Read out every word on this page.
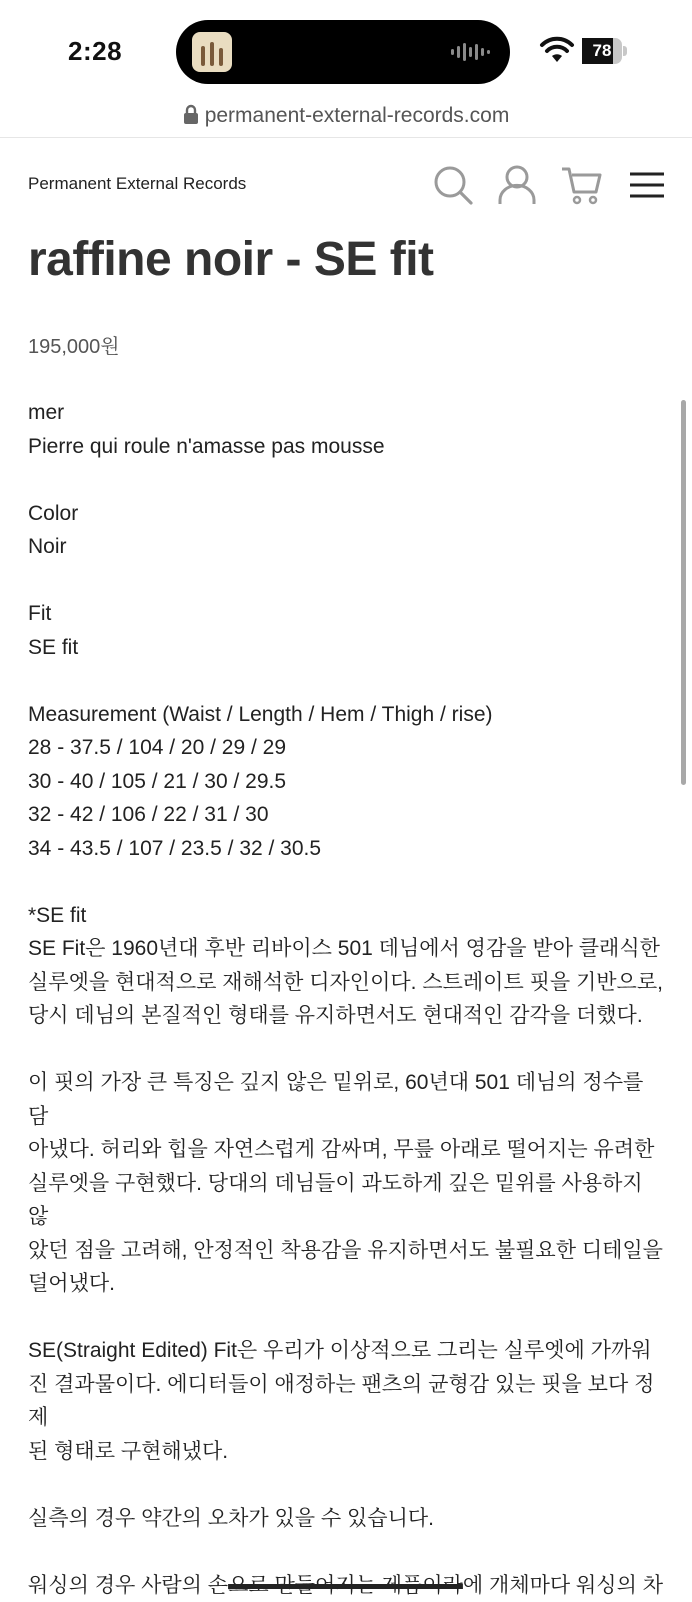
2:28	78
permanent-external-records.com
Permanent External Records
raffine noir - SE fit
195,000원

mer

Pierre qui roule n'amasse pas mousse

Color

Noir

Fit

SE fit

Measurement (Waist / Length / Hem / Thigh / rise)

28 - 37.5 / 104 / 20 / 29 / 29

30 - 40 / 105 / 21 / 30 / 29.5

32 - 42 / 106 / 22 / 31 / 30

34 - 43.5 / 107 / 23.5 / 32 / 30.5

*SE fit

SE Fit은 1960년대 후반 리바이스 501 데님에서 영감을 받아 클래식한

실루엣을 현대적으로 재해석한 디자인이다. 스트레이트 핏을 기반으로,

당시 데님의 본질적인 형태를 유지하면서도 현대적인 감각을 더했다.

이 핏의 가장 큰 특징은 깊지 않은 밑위로, 60년대 501 데님의 정수를 담

아냈다. 허리와 힙을 자연스럽게 감싸며, 무릎 아래로 떨어지는 유려한

실루엣을 구현했다. 당대의 데님들이 과도하게 깊은 밑위를 사용하지 않

았던 점을 고려해, 안정적인 착용감을 유지하면서도 불필요한 디테일을

덜어냈다.

SE(Straight Edited) Fit은 우리가 이상적으로 그리는 실루엣에 가까워

진 결과물이다. 에디터들이 애정하는 팬츠의 균형감 있는 핏을 보다 정제

된 형태로 구현해냈다.

실측의 경우 약간의 오차가 있을 수 있습니다.

워싱의 경우 사람의 손으로 만들어지는 제품이라에 개체마다 워싱의 차
